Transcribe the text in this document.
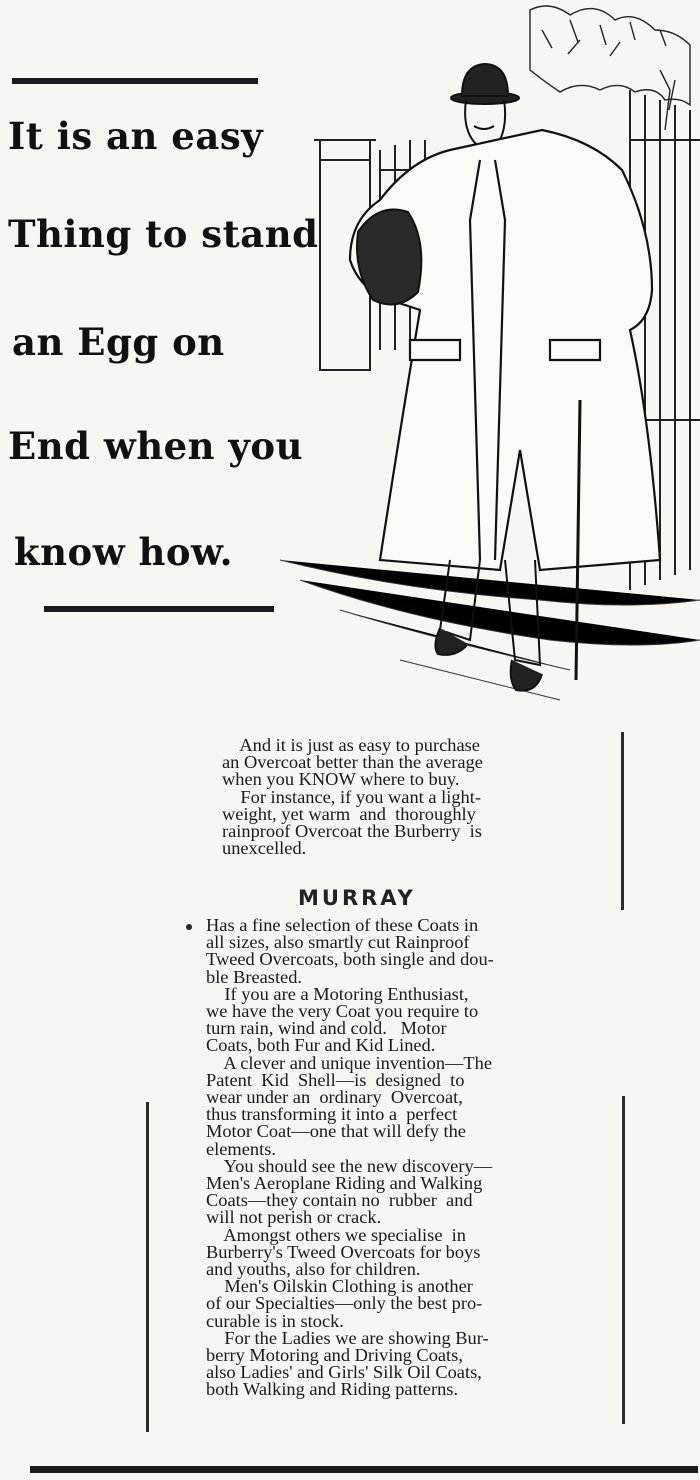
It is an easy
Thing to stand
an Egg on
End when you
know how.

And it is just as easy to purchase
an Overcoat better than the average
when you KNOW where to buy.
For instance, if you want a light-
weight, yet warm  and  thoroughly
rainproof Overcoat the Burberry  is
unexcelled.

MURRAY

Has a fine selection of these Coats in
all sizes, also smartly cut Rainproof
Tweed Overcoats, both single and dou-
ble Breasted.
If you are a Motoring Enthusiast,
we have the very Coat you require to
turn rain, wind and cold.   Motor
Coats, both Fur and Kid Lined.
A clever and unique invention—The
Patent  Kid  Shell—is  designed  to
wear under an  ordinary  Overcoat,
thus transforming it into a  perfect
Motor Coat—one that will defy the
elements.
You should see the new discovery—
Men's Aeroplane Riding and Walking
Coats—they contain no  rubber  and
will not perish or crack.
Amongst others we specialise  in
Burberry's Tweed Overcoats for boys
and youths, also for children.
Men's Oilskin Clothing is another
of our Specialties—only the best pro-
curable is in stock.
For the Ladies we are showing Bur-
berry Motoring and Driving Coats,
also Ladies' and Girls' Silk Oil Coats,
both Walking and Riding patterns.
